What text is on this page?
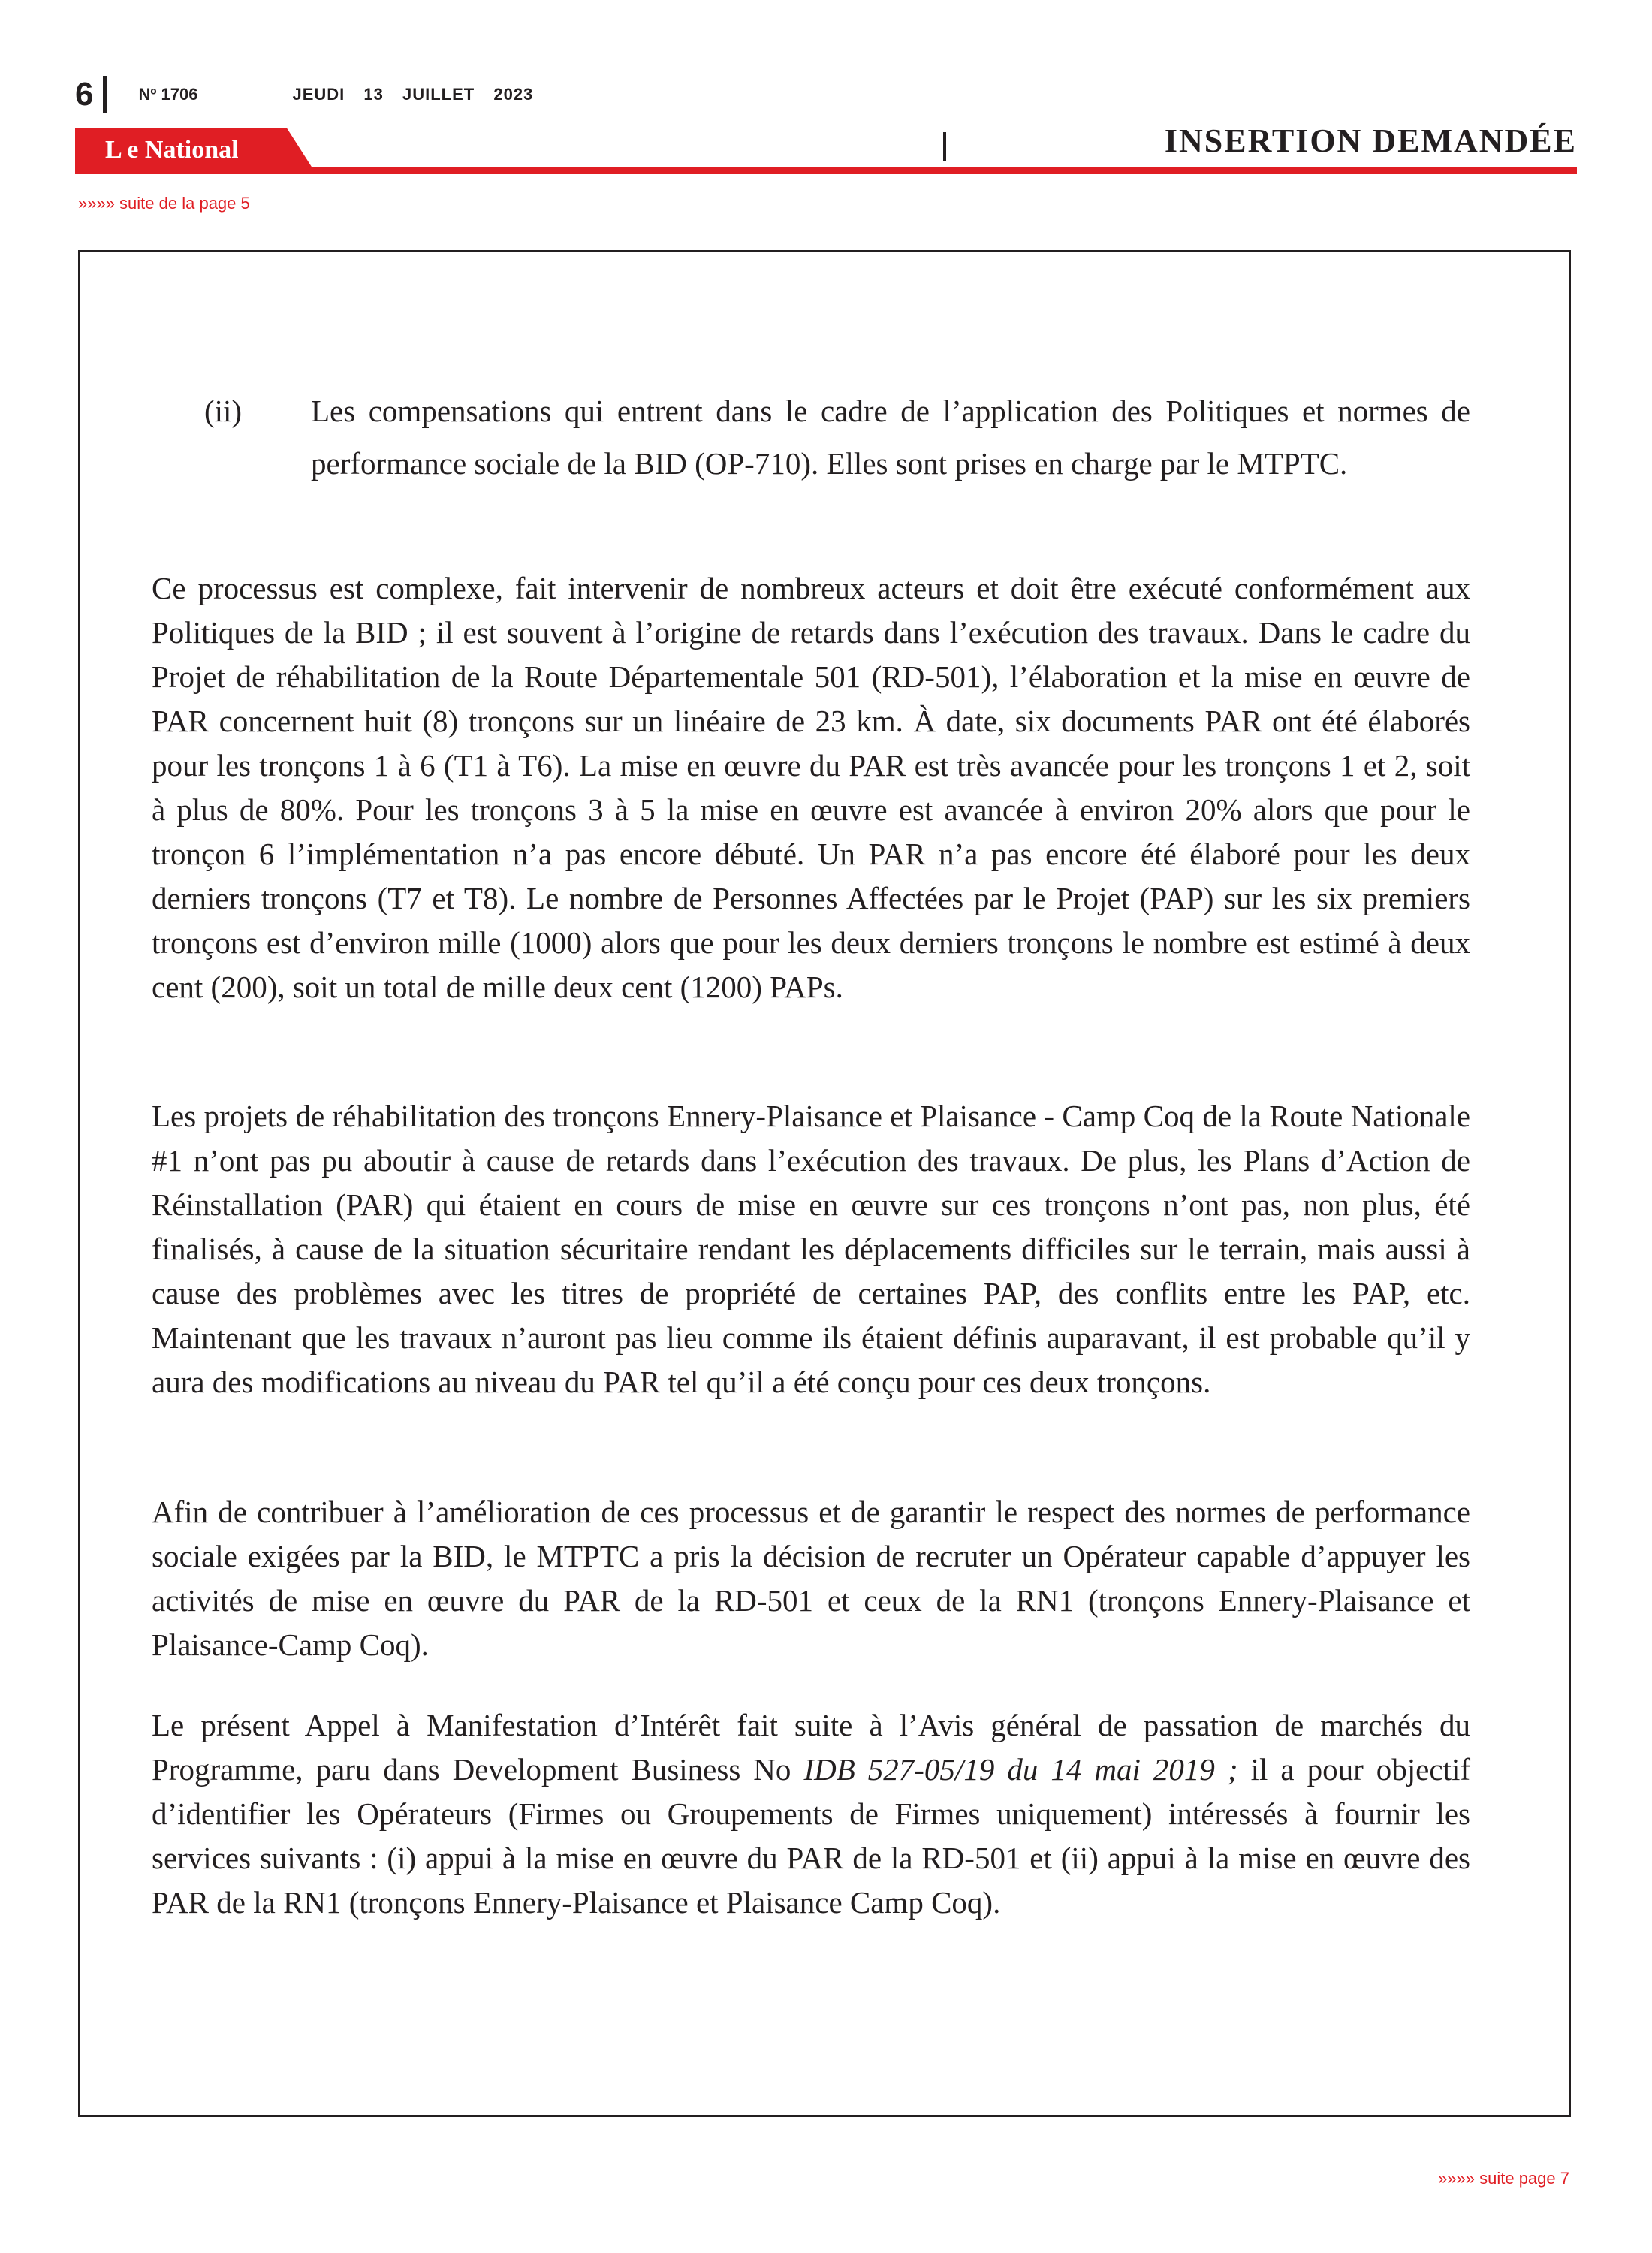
6	Nº 1706	JEUDI 13 JUILLET 2023
L e National	INSERTION DEMANDÉE
»»»» suite de la page 5
(ii)	Les compensations qui entrent dans le cadre de l’application des Politiques et normes de performance sociale de la BID (OP-710). Elles sont prises en charge par le MTPTC.

Ce processus est complexe, fait intervenir de nombreux acteurs et doit être exécuté conformément aux Politiques de la BID ; il est souvent à l’origine de retards dans l’exécution des travaux. Dans le cadre du Projet de réhabilitation de la Route Départementale 501 (RD-501), l’élaboration et la mise en œuvre de PAR concernent huit (8) tronçons sur un linéaire de 23 km. À date, six documents PAR ont été élaborés pour les tronçons 1 à 6 (T1 à T6). La mise en œuvre du PAR est très avancée pour les tronçons 1 et 2, soit à plus de 80%. Pour les tronçons 3 à 5 la mise en œuvre est avancée à environ 20% alors que pour le tronçon 6 l’implémentation n’a pas encore débuté. Un PAR n’a pas encore été élaboré pour les deux derniers tronçons (T7 et T8). Le nombre de Personnes Affectées par le Projet (PAP) sur les six premiers tronçons est d’environ mille (1000) alors que pour les deux derniers tronçons le nombre est estimé à deux cent (200), soit un total de mille deux cent (1200) PAPs.

Les projets de réhabilitation des tronçons Ennery-Plaisance et Plaisance - Camp Coq de la Route Nationale #1 n’ont pas pu aboutir à cause de retards dans l’exécution des travaux. De plus, les Plans d’Action de Réinstallation (PAR) qui étaient en cours de mise en œuvre sur ces tronçons n’ont pas, non plus, été finalisés, à cause de la situation sécuritaire rendant les déplacements difficiles sur le terrain, mais aussi à cause des problèmes avec les titres de propriété de certaines PAP, des conflits entre les PAP, etc. Maintenant que les travaux n’auront pas lieu comme ils étaient définis auparavant, il est probable qu’il y aura des modifications au niveau du PAR tel qu’il a été conçu pour ces deux tronçons.

Afin de contribuer à l’amélioration de ces processus et de garantir le respect des normes de performance sociale exigées par la BID, le MTPTC a pris la décision de recruter un Opérateur capable d’appuyer les activités de mise en œuvre du PAR de la RD-501 et ceux de la RN1 (tronçons Ennery-Plaisance et Plaisance-Camp Coq).

Le présent Appel à Manifestation d’Intérêt fait suite à l’Avis général de passation de marchés du Programme, paru dans Development Business No IDB 527-05/19 du 14 mai 2019 ; il a pour objectif d’identifier les Opérateurs (Firmes ou Groupements de Firmes uniquement) intéressés à fournir les services suivants : (i) appui à la mise en œuvre du PAR de la RD-501 et (ii) appui à la mise en œuvre des PAR de la RN1 (tronçons Ennery-Plaisance et Plaisance Camp Coq).

»»»» suite page 7
